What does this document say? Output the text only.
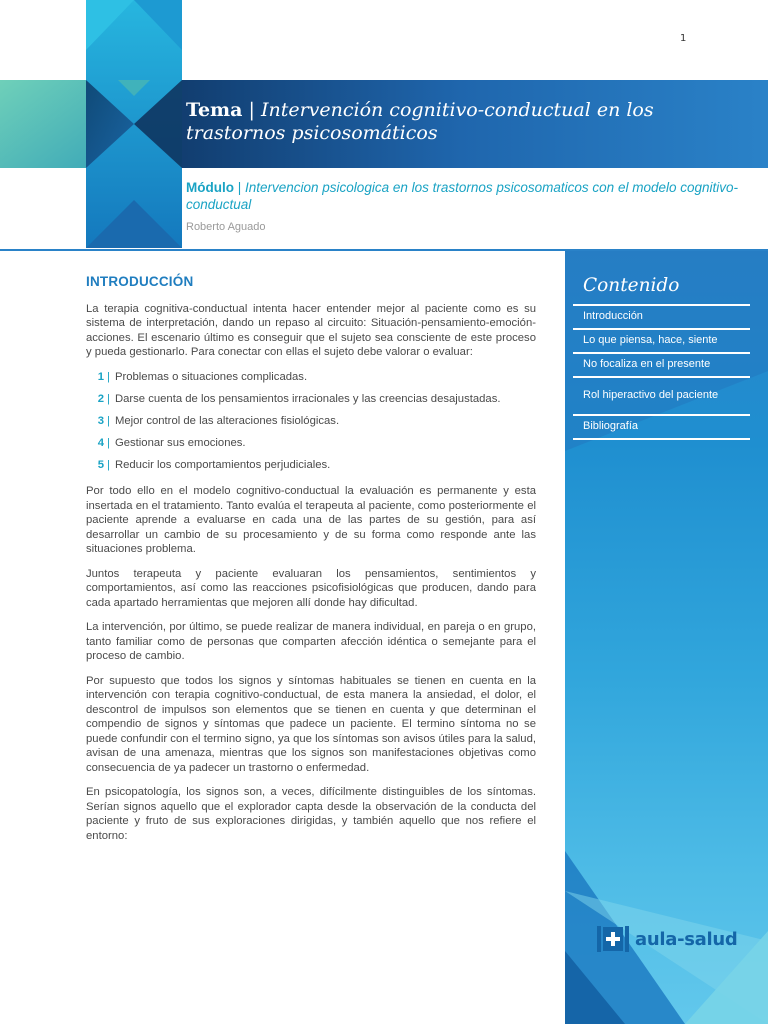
1
Tema | Intervención cognitivo-conductual en los trastornos psicosomáticos
Módulo | Intervencion psicologica en los trastornos psicosomaticos con el modelo cognitivo-conductual
Roberto Aguado
INTRODUCCIÓN

La terapia cognitiva-conductual intenta hacer entender mejor al paciente como es su sistema de interpretación, dando un repaso al circuito: Situación-pensamiento-emoción-acciones. El escenario último es conseguir que el sujeto sea consciente de este proceso y pueda gestionarlo. Para conectar con ellas el sujeto debe valorar o evaluar:

1 | Problemas o situaciones complicadas.
2 | Darse cuenta de los pensamientos irracionales y las creencias desajustadas.
3 | Mejor control de las alteraciones fisiológicas.
4 | Gestionar sus emociones.
5 | Reducir los comportamientos perjudiciales.

Por todo ello en el modelo cognitivo-conductual la evaluación es permanente y esta insertada en el tratamiento. Tanto evalúa el terapeuta al paciente, como posteriormente el paciente aprende a evaluarse en cada una de las partes de su gestión, para así desarrollar un cambio de su procesamiento y de su forma como responde ante las situaciones problema.

Juntos terapeuta y paciente evaluaran los pensamientos, sentimientos y comportamientos, así como las reacciones psicofisiológicas que producen, dando para cada apartado herramientas que mejoren allí donde hay dificultad.

La intervención, por último, se puede realizar de manera individual, en pareja o en grupo, tanto familiar como de personas que comparten afección idéntica o semejante para el proceso de cambio.

Por supuesto que todos los signos y síntomas habituales se tienen en cuenta en la intervención con terapia cognitivo-conductual, de esta manera la ansiedad, el dolor, el descontrol de impulsos son elementos que se tienen en cuenta y que determinan el compendio de signos y síntomas que padece un paciente. El termino síntoma no se puede confundir con el termino signo, ya que los síntomas son avisos útiles para la salud, avisan de una amenaza, mientras que los signos son manifestaciones objetivas como consecuencia de ya padecer un trastorno o enfermedad.

En psicopatología, los signos son, a veces, difícilmente distinguibles de los síntomas. Serían signos aquello que el explorador capta desde la observación de la conducta del paciente y fruto de sus exploraciones dirigidas, y también aquello que nos refiere el entorno:

Contenido
Introducción
Lo que piensa, hace, siente
No focaliza en el presente
Rol hiperactivo del paciente
Bibliografía
aula-salud
